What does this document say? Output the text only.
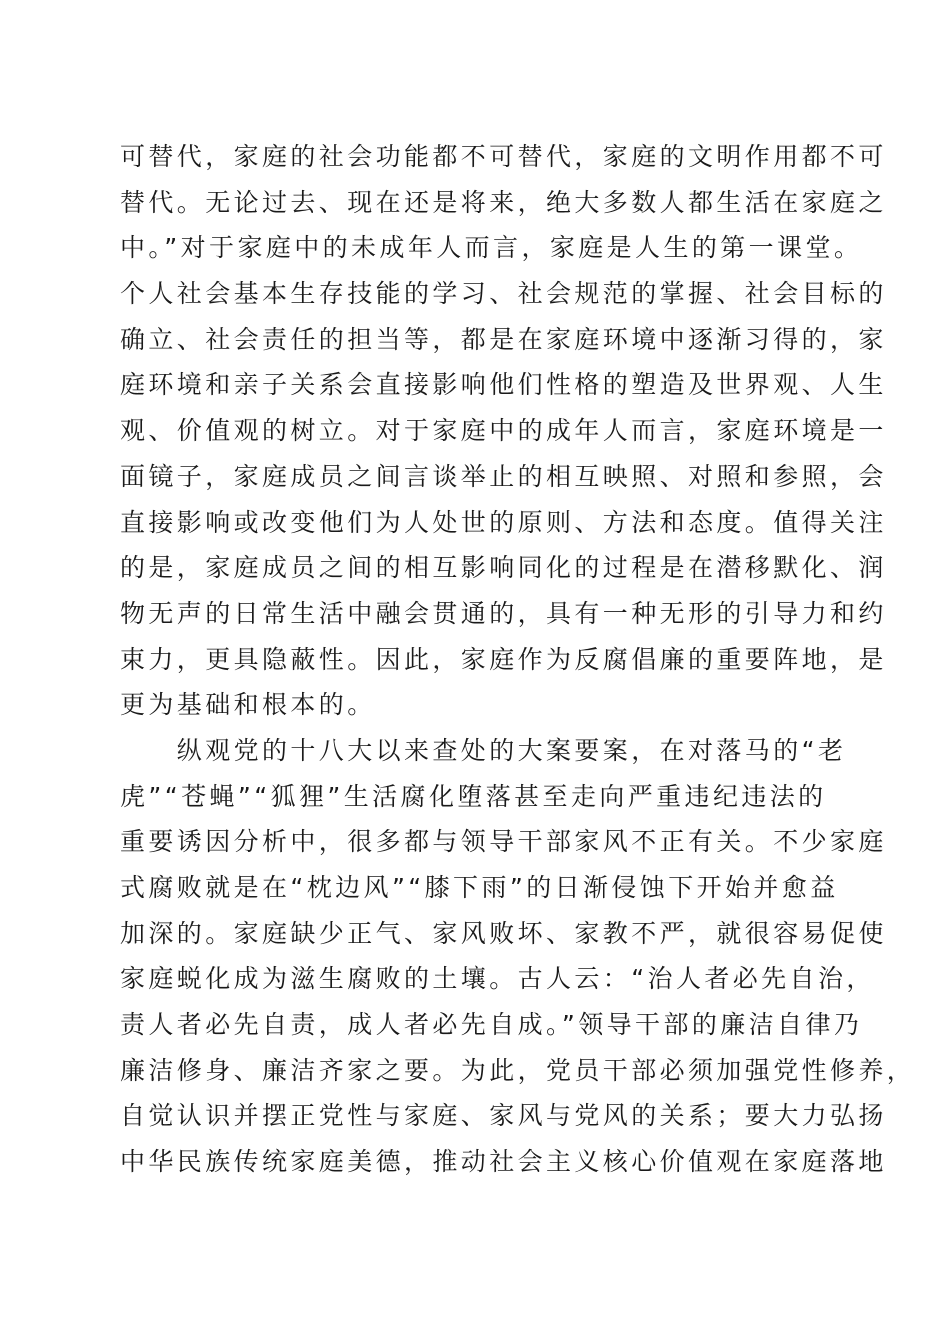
可替代，家庭的社会功能都不可替代，家庭的文明作用都不可
替代。无论过去、现在还是将来，绝大多数人都生活在家庭之
中。”对于家庭中的未成年人而言，家庭是人生的第一课堂。
个人社会基本生存技能的学习、社会规范的掌握、社会目标的
确立、社会责任的担当等，都是在家庭环境中逐渐习得的，家
庭环境和亲子关系会直接影响他们性格的塑造及世界观、人生
观、价值观的树立。对于家庭中的成年人而言，家庭环境是一
面镜子，家庭成员之间言谈举止的相互映照、对照和参照，会
直接影响或改变他们为人处世的原则、方法和态度。值得关注
的是，家庭成员之间的相互影响同化的过程是在潜移默化、润
物无声的日常生活中融会贯通的，具有一种无形的引导力和约
束力，更具隐蔽性。因此，家庭作为反腐倡廉的重要阵地，是
更为基础和根本的。
　　纵观党的十八大以来查处的大案要案，在对落马的“老
虎”“苍蝇”“狐狸”生活腐化堕落甚至走向严重违纪违法的
重要诱因分析中，很多都与领导干部家风不正有关。不少家庭
式腐败就是在“枕边风”“膝下雨”的日渐侵蚀下开始并愈益
加深的。家庭缺少正气、家风败坏、家教不严，就很容易促使
家庭蜕化成为滋生腐败的土壤。古人云：“治人者必先自治，
责人者必先自责，成人者必先自成。”领导干部的廉洁自律乃
廉洁修身、廉洁齐家之要。为此，党员干部必须加强党性修养，
自觉认识并摆正党性与家庭、家风与党风的关系；要大力弘扬
中华民族传统家庭美德，推动社会主义核心价值观在家庭落地
